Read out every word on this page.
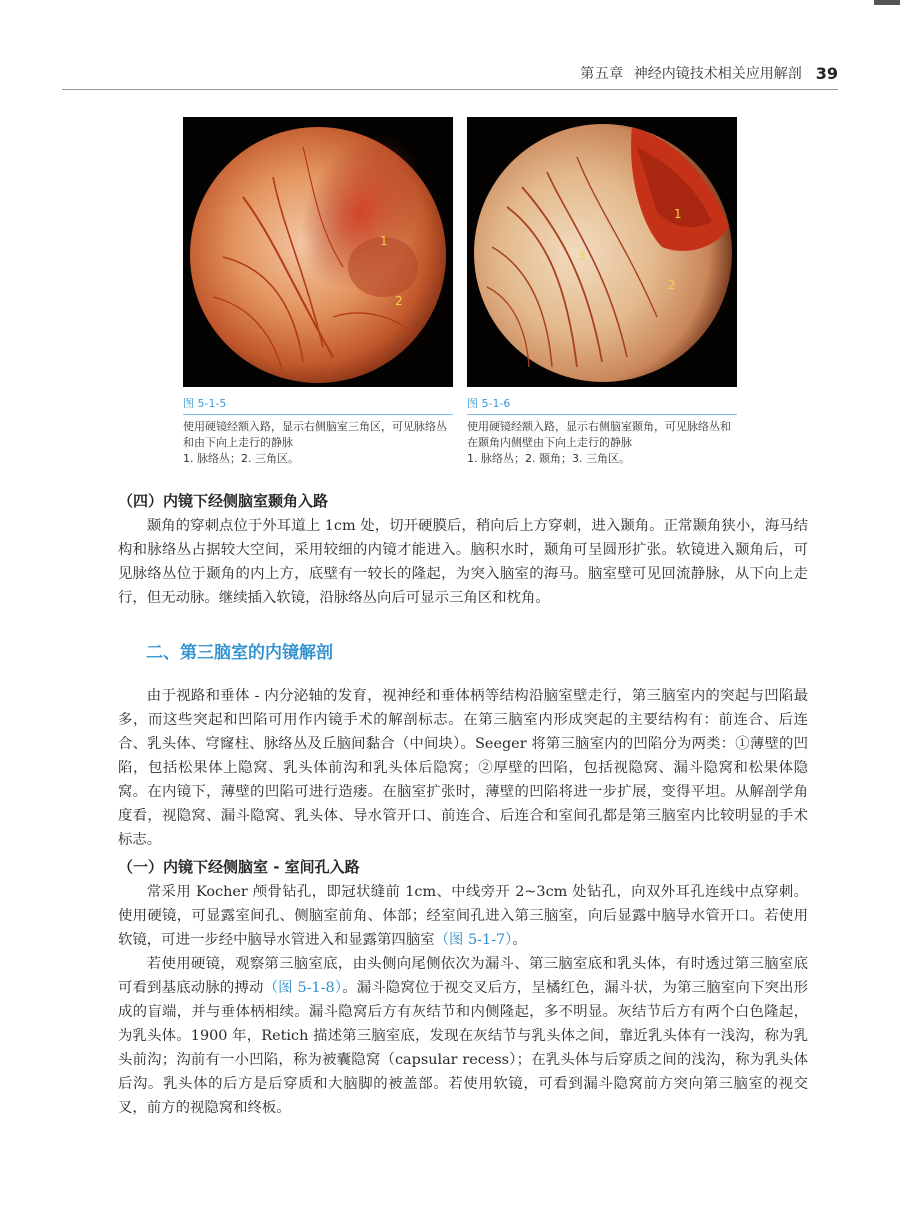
第五章 神经内镜技术相关应用解剖 39
1
2
图 5-1-5
使用硬镜经额入路，显示右侧脑室三角区，可见脉络丛
和由下向上走行的静脉
1. 脉络丛；2. 三角区。
1
2
3
图 5-1-6
使用硬镜经额入路，显示右侧脑室颞角，可见脉络丛和
在颞角内侧壁由下向上走行的静脉
1. 脉络丛；2. 颞角；3. 三角区。
（四）内镜下经侧脑室颞角入路

颞角的穿刺点位于外耳道上 1cm 处，切开硬膜后，稍向后上方穿刺，进入颞角。正常颞角狭小，海马结构和脉络丛占据较大空间，采用较细的内镜才能进入。脑积水时，颞角可呈圆形扩张。软镜进入颞角后，可见脉络丛位于颞角的内上方，底壁有一较长的隆起，为突入脑室的海马。脑室壁可见回流静脉，从下向上走行，但无动脉。继续插入软镜，沿脉络丛向后可显示三角区和枕角。

二、第三脑室的内镜解剖

由于视路和垂体 - 内分泌轴的发育，视神经和垂体柄等结构沿脑室壁走行，第三脑室内的突起与凹陷最多，而这些突起和凹陷可用作内镜手术的解剖标志。在第三脑室内形成突起的主要结构有：前连合、后连合、乳头体、穹窿柱、脉络丛及丘脑间黏合（中间块）。Seeger 将第三脑室内的凹陷分为两类：①薄壁的凹陷，包括松果体上隐窝、乳头体前沟和乳头体后隐窝；②厚壁的凹陷，包括视隐窝、漏斗隐窝和松果体隐窝。在内镜下，薄壁的凹陷可进行造瘘。在脑室扩张时，薄壁的凹陷将进一步扩展，变得平坦。从解剖学角度看，视隐窝、漏斗隐窝、乳头体、导水管开口、前连合、后连合和室间孔都是第三脑室内比较明显的手术标志。

（一）内镜下经侧脑室 - 室间孔入路

常采用 Kocher 颅骨钻孔，即冠状缝前 1cm、中线旁开 2~3cm 处钻孔，向双外耳孔连线中点穿刺。使用硬镜，可显露室间孔、侧脑室前角、体部；经室间孔进入第三脑室，向后显露中脑导水管开口。若使用软镜，可进一步经中脑导水管进入和显露第四脑室（图 5-1-7）。

若使用硬镜，观察第三脑室底，由头侧向尾侧依次为漏斗、第三脑室底和乳头体，有时透过第三脑室底可看到基底动脉的搏动（图 5-1-8）。漏斗隐窝位于视交叉后方，呈橘红色，漏斗状，为第三脑室向下突出形成的盲端，并与垂体柄相续。漏斗隐窝后方有灰结节和内侧隆起，多不明显。灰结节后方有两个白色隆起，为乳头体。1900 年，Retich 描述第三脑室底，发现在灰结节与乳头体之间，靠近乳头体有一浅沟，称为乳头前沟；沟前有一小凹陷，称为被囊隐窝（capsular recess）；在乳头体与后穿质之间的浅沟，称为乳头体后沟。乳头体的后方是后穿质和大脑脚的被盖部。若使用软镜，可看到漏斗隐窝前方突向第三脑室的视交叉，前方的视隐窝和终板。
